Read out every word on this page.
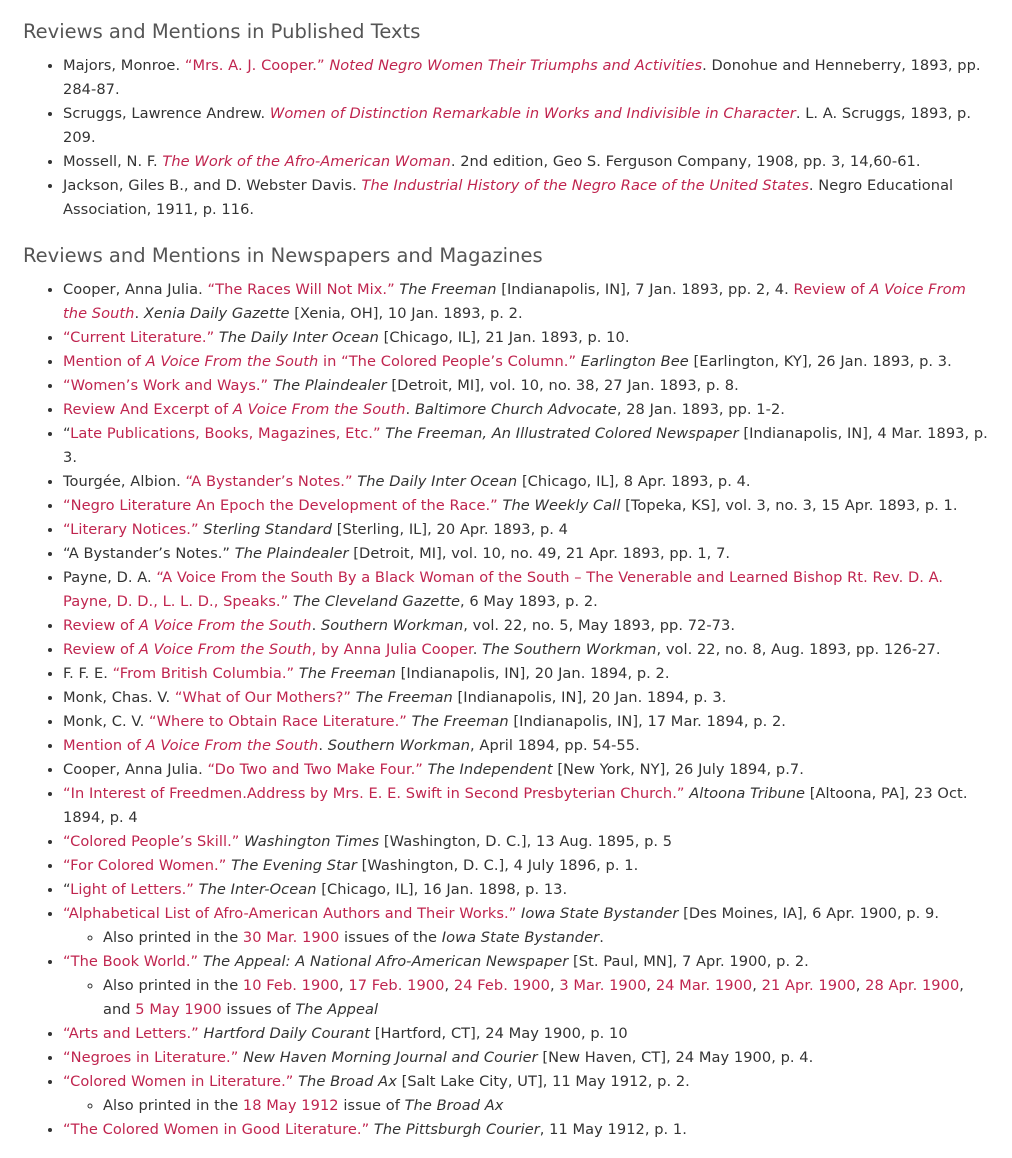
Reviews and Mentions in Published Texts
• Majors, Monroe. “Mrs. A. J. Cooper.” Noted Negro Women Their Triumphs and Activities. Donohue and Henneberry, 1893, pp. 284-87.
• Scruggs, Lawrence Andrew. Women of Distinction Remarkable in Works and Indivisible in Character. L. A. Scruggs, 1893, p. 209.
• Mossell, N. F. The Work of the Afro-American Woman. 2nd edition, Geo S. Ferguson Company, 1908, pp. 3, 14,60-61.
• Jackson, Giles B., and D. Webster Davis. The Industrial History of the Negro Race of the United States. Negro Educational Association, 1911, p. 116.
Reviews and Mentions in Newspapers and Magazines
• Cooper, Anna Julia. “The Races Will Not Mix.” The Freeman [Indianapolis, IN], 7 Jan. 1893, pp. 2, 4. Review of A Voice From the South. Xenia Daily Gazette [Xenia, OH], 10 Jan. 1893, p. 2.
• “Current Literature.” The Daily Inter Ocean [Chicago, IL], 21 Jan. 1893, p. 10.
• Mention of A Voice From the South in “The Colored People’s Column.” Earlington Bee [Earlington, KY], 26 Jan. 1893, p. 3.
• “Women’s Work and Ways.” The Plaindealer [Detroit, MI], vol. 10, no. 38, 27 Jan. 1893, p. 8.
• Review And Excerpt of A Voice From the South. Baltimore Church Advocate, 28 Jan. 1893, pp. 1-2.
• “Late Publications, Books, Magazines, Etc.” The Freeman, An Illustrated Colored Newspaper [Indianapolis, IN], 4 Mar. 1893, p. 3.
• Tourgée, Albion. “A Bystander’s Notes.” The Daily Inter Ocean [Chicago, IL], 8 Apr. 1893, p. 4.
• “Negro Literature An Epoch the Development of the Race.” The Weekly Call [Topeka, KS], vol. 3, no. 3, 15 Apr. 1893, p. 1.
• “Literary Notices.” Sterling Standard [Sterling, IL], 20 Apr. 1893, p. 4
• “A Bystander’s Notes.” The Plaindealer [Detroit, MI], vol. 10, no. 49, 21 Apr. 1893, pp. 1, 7.
• Payne, D. A. “A Voice From the South By a Black Woman of the South – The Venerable and Learned Bishop Rt. Rev. D. A. Payne, D. D., L. L. D., Speaks.” The Cleveland Gazette, 6 May 1893, p. 2.
• Review of A Voice From the South. Southern Workman, vol. 22, no. 5, May 1893, pp. 72-73.
• Review of A Voice From the South, by Anna Julia Cooper. The Southern Workman, vol. 22, no. 8, Aug. 1893, pp. 126-27.
• F. F. E. “From British Columbia.” The Freeman [Indianapolis, IN], 20 Jan. 1894, p. 2.
• Monk, Chas. V. “What of Our Mothers?” The Freeman [Indianapolis, IN], 20 Jan. 1894, p. 3.
• Monk, C. V. “Where to Obtain Race Literature.” The Freeman [Indianapolis, IN], 17 Mar. 1894, p. 2.
• Mention of A Voice From the South. Southern Workman, April 1894, pp. 54-55.
• Cooper, Anna Julia. “Do Two and Two Make Four.” The Independent [New York, NY], 26 July 1894, p.7.
• “In Interest of Freedmen.Address by Mrs. E. E. Swift in Second Presbyterian Church.” Altoona Tribune [Altoona, PA], 23 Oct. 1894, p. 4
• “Colored People’s Skill.” Washington Times [Washington, D. C.], 13 Aug. 1895, p. 5
• “For Colored Women.” The Evening Star [Washington, D. C.], 4 July 1896, p. 1.
• “Light of Letters.” The Inter-Ocean [Chicago, IL], 16 Jan. 1898, p. 13.
• “Alphabetical List of Afro-American Authors and Their Works.” Iowa State Bystander [Des Moines, IA], 6 Apr. 1900, p. 9.
◦ Also printed in the 30 Mar. 1900 issues of the Iowa State Bystander.
• “The Book World.” The Appeal: A National Afro-American Newspaper [St. Paul, MN], 7 Apr. 1900, p. 2.
◦ Also printed in the 10 Feb. 1900, 17 Feb. 1900, 24 Feb. 1900, 3 Mar. 1900, 24 Mar. 1900, 21 Apr. 1900, 28 Apr. 1900, and 5 May 1900 issues of The Appeal
• “Arts and Letters.” Hartford Daily Courant [Hartford, CT], 24 May 1900, p. 10
• “Negroes in Literature.” New Haven Morning Journal and Courier [New Haven, CT], 24 May 1900, p. 4.
• “Colored Women in Literature.” The Broad Ax [Salt Lake City, UT], 11 May 1912, p. 2.
◦ Also printed in the 18 May 1912 issue of The Broad Ax
• “The Colored Women in Good Literature.” The Pittsburgh Courier, 11 May 1912, p. 1.
